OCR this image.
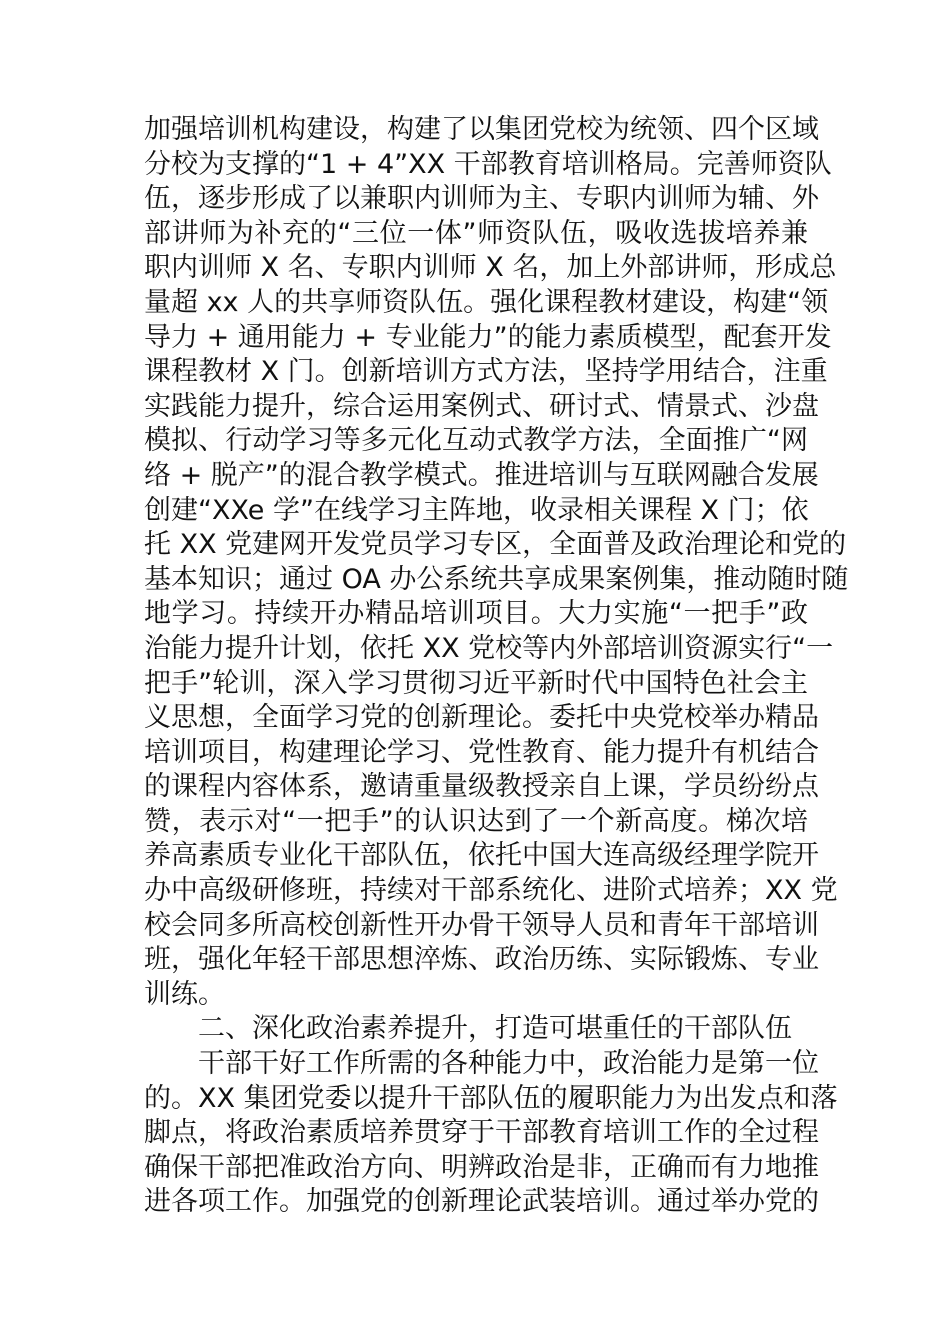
加强培训机构建设，构建了以集团党校为统领、四个区域
分校为支撑的“1 + 4”XX 干部教育培训格局。完善师资队
伍，逐步形成了以兼职内训师为主、专职内训师为辅、外
部讲师为补充的“三位一体”师资队伍，吸收选拔培养兼
职内训师 X 名、专职内训师 X 名，加上外部讲师，形成总
量超 xx 人的共享师资队伍。强化课程教材建设，构建“领
导力 + 通用能力 + 专业能力”的能力素质模型，配套开发
课程教材 X 门。创新培训方式方法，坚持学用结合，注重
实践能力提升，综合运用案例式、研讨式、情景式、沙盘
模拟、行动学习等多元化互动式教学方法，全面推广“网
络 + 脱产”的混合教学模式。推进培训与互联网融合发展
创建“XXe 学”在线学习主阵地，收录相关课程 X 门；依
托 XX 党建网开发党员学习专区，全面普及政治理论和党的
基本知识；通过 OA 办公系统共享成果案例集，推动随时随
地学习。持续开办精品培训项目。大力实施“一把手”政
治能力提升计划，依托 XX 党校等内外部培训资源实行“一
把手”轮训，深入学习贯彻习近平新时代中国特色社会主
义思想，全面学习党的创新理论。委托中央党校举办精品
培训项目，构建理论学习、党性教育、能力提升有机结合
的课程内容体系，邀请重量级教授亲自上课，学员纷纷点
赞，表示对“一把手”的认识达到了一个新高度。梯次培
养高素质专业化干部队伍，依托中国大连高级经理学院开
办中高级研修班，持续对干部系统化、进阶式培养；XX 党
校会同多所高校创新性开办骨干领导人员和青年干部培训
班，强化年轻干部思想淬炼、政治历练、实际锻炼、专业
训练。
二、深化政治素养提升，打造可堪重任的干部队伍
干部干好工作所需的各种能力中，政治能力是第一位
的。XX 集团党委以提升干部队伍的履职能力为出发点和落
脚点，将政治素质培养贯穿于干部教育培训工作的全过程
确保干部把准政治方向、明辨政治是非，正确而有力地推
进各项工作。加强党的创新理论武装培训。通过举办党的
